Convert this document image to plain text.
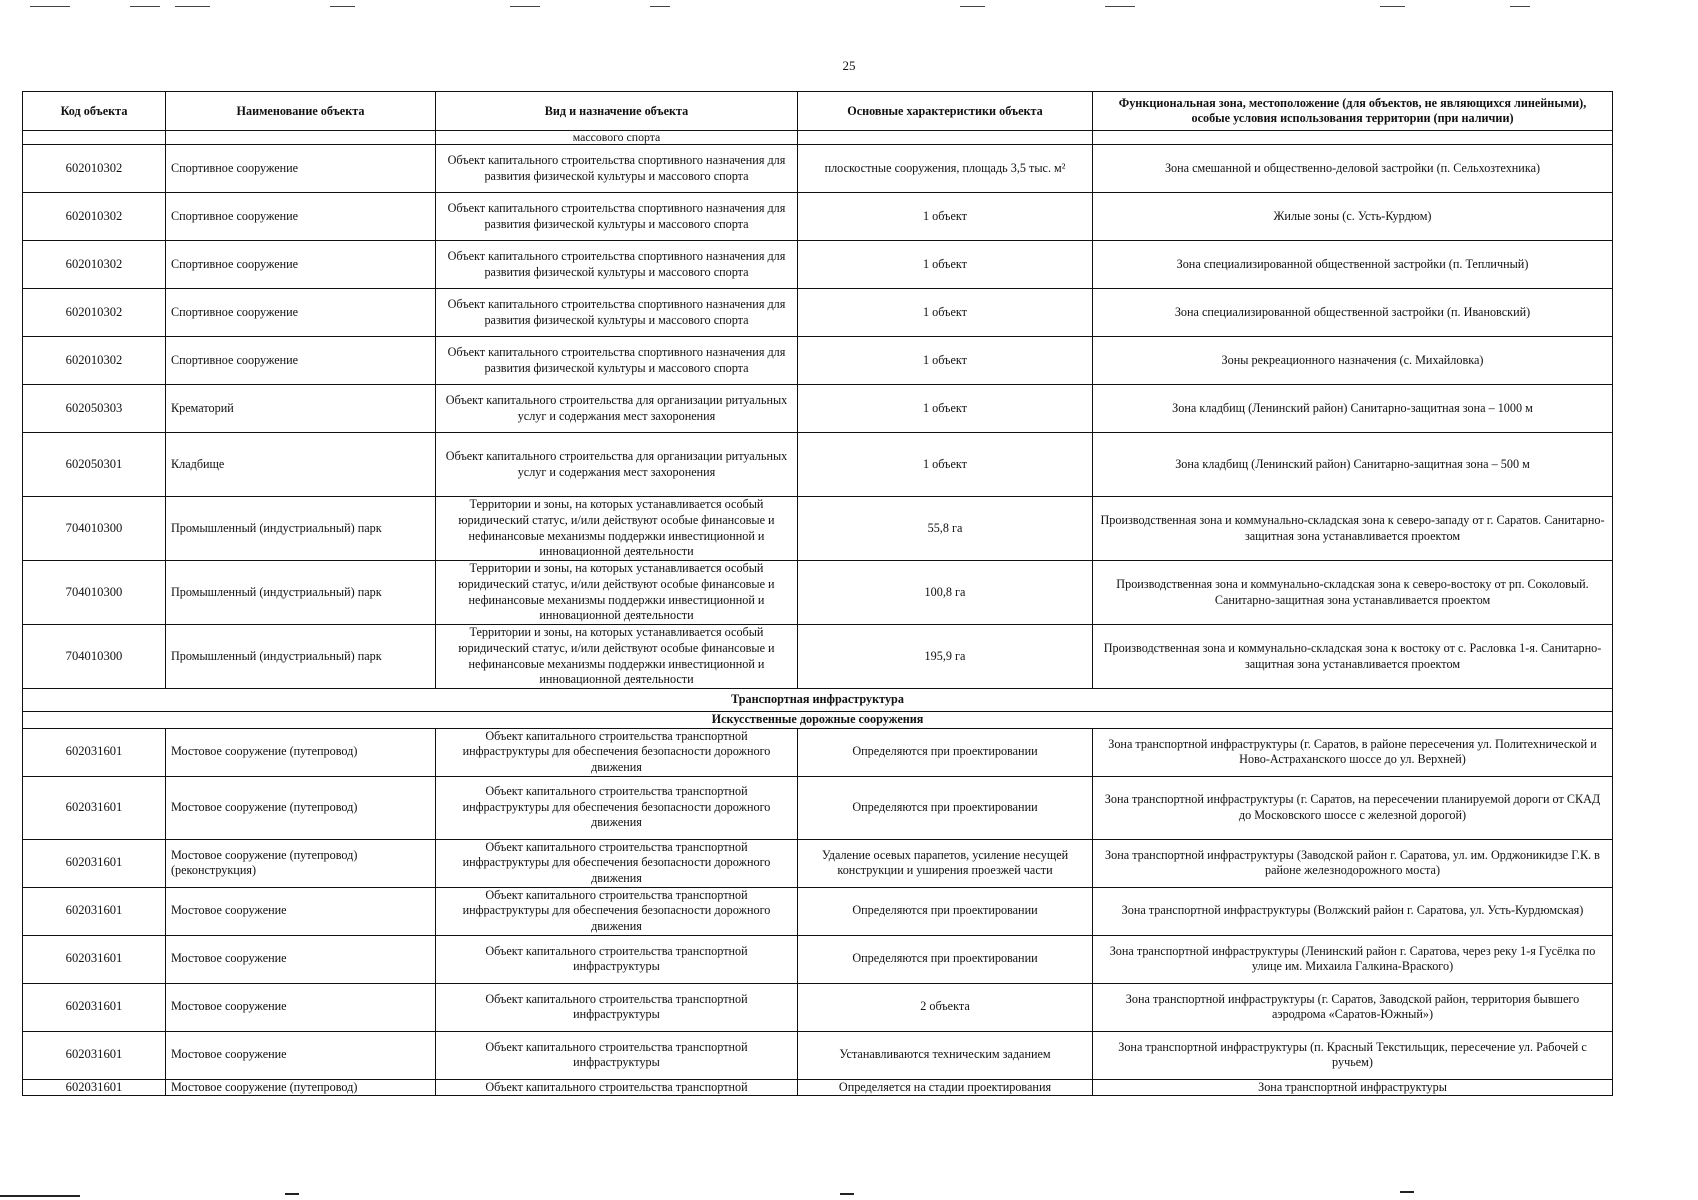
25
Код объекта	Наименование объекта	Вид и назначение объекта	Основные характеристики объекта	Функциональная зона, местоположение (для объектов, не являющихся линейными), особые условия использования территории (при наличии)
		массового спорта		
602010302	Спортивное сооружение	Объект капитального строительства спортивного назначения для развития физической культуры и массового спорта	плоскостные сооружения, площадь 3,5 тыс. м²	Зона смешанной и общественно-деловой застройки (п. Сельхозтехника)
602010302	Спортивное сооружение	Объект капитального строительства спортивного назначения для развития физической культуры и массового спорта	1 объект	Жилые зоны (с. Усть-Курдюм)
602010302	Спортивное сооружение	Объект капитального строительства спортивного назначения для развития физической культуры и массового спорта	1 объект	Зона специализированной общественной застройки (п. Тепличный)
602010302	Спортивное сооружение	Объект капитального строительства спортивного назначения для развития физической культуры и массового спорта	1 объект	Зона специализированной общественной застройки (п. Ивановский)
602010302	Спортивное сооружение	Объект капитального строительства спортивного назначения для развития физической культуры и массового спорта	1 объект	Зоны рекреационного назначения (с. Михайловка)
602050303	Крематорий	Объект капитального строительства для организации ритуальных услуг и содержания мест захоронения	1 объект	Зона кладбищ (Ленинский район) Санитарно-защитная зона – 1000 м
602050301	Кладбище	Объект капитального строительства для организации ритуальных услуг и содержания мест захоронения	1 объект	Зона кладбищ (Ленинский район) Санитарно-защитная зона – 500 м
704010300	Промышленный (индустриальный) парк	Территории и зоны, на которых устанавливается особый юридический статус, и/или действуют особые финансовые и нефинансовые механизмы поддержки инвестиционной и инновационной деятельности	55,8 га	Производственная зона и коммунально-складская зона к северо-западу от г. Саратов. Санитарно-защитная зона устанавливается проектом
704010300	Промышленный (индустриальный) парк	Территории и зоны, на которых устанавливается особый юридический статус, и/или действуют особые финансовые и нефинансовые механизмы поддержки инвестиционной и инновационной деятельности	100,8 га	Производственная зона и коммунально-складская зона к северо-востоку от рп. Соколовый. Санитарно-защитная зона устанавливается проектом
704010300	Промышленный (индустриальный) парк	Территории и зоны, на которых устанавливается особый юридический статус, и/или действуют особые финансовые и нефинансовые механизмы поддержки инвестиционной и инновационной деятельности	195,9 га	Производственная зона и коммунально-складская зона к востоку от с. Расловка 1-я. Санитарно-защитная зона устанавливается проектом
Транспортная инфраструктура				
Искусственные дорожные сооружения				
602031601	Мостовое сооружение (путепровод)	Объект капитального строительства транспортной инфраструктуры для обеспечения безопасности дорожного движения	Определяются при проектировании	Зона транспортной инфраструктуры (г. Саратов, в районе пересечения ул. Политехнической и Ново-Астраханского шоссе до ул. Верхней)
602031601	Мостовое сооружение (путепровод)	Объект капитального строительства транспортной инфраструктуры для обеспечения безопасности дорожного движения	Определяются при проектировании	Зона транспортной инфраструктуры (г. Саратов, на пересечении планируемой дороги от СКАД до Московского шоссе с железной дорогой)
602031601	Мостовое сооружение (путепровод) (реконструкция)	Объект капитального строительства транспортной инфраструктуры для обеспечения безопасности дорожного движения	Удаление осевых парапетов, усиление несущей конструкции и уширения проезжей части	Зона транспортной инфраструктуры (Заводской район г. Саратова, ул. им. Орджоникидзе Г.К. в районе железнодорожного моста)
602031601	Мостовое сооружение	Объект капитального строительства транспортной инфраструктуры для обеспечения безопасности дорожного движения	Определяются при проектировании	Зона транспортной инфраструктуры (Волжский район г. Саратова, ул. Усть-Курдюмская)
602031601	Мостовое сооружение	Объект капитального строительства транспортной инфраструктуры	Определяются при проектировании	Зона транспортной инфраструктуры (Ленинский район г. Саратова, через реку 1-я Гусёлка по улице им. Михаила Галкина-Враского)
602031601	Мостовое сооружение	Объект капитального строительства транспортной инфраструктуры	2 объекта	Зона транспортной инфраструктуры (г. Саратов, Заводской район, территория бывшего аэродрома «Саратов-Южный»)
602031601	Мостовое сооружение	Объект капитального строительства транспортной инфраструктуры	Устанавливаются техническим заданием	Зона транспортной инфраструктуры (п. Красный Текстильщик, пересечение ул. Рабочей с ручьем)
602031601	Мостовое сооружение (путепровод)	Объект капитального строительства транспортной	Определяется на стадии проектирования	Зона транспортной инфраструктуры
